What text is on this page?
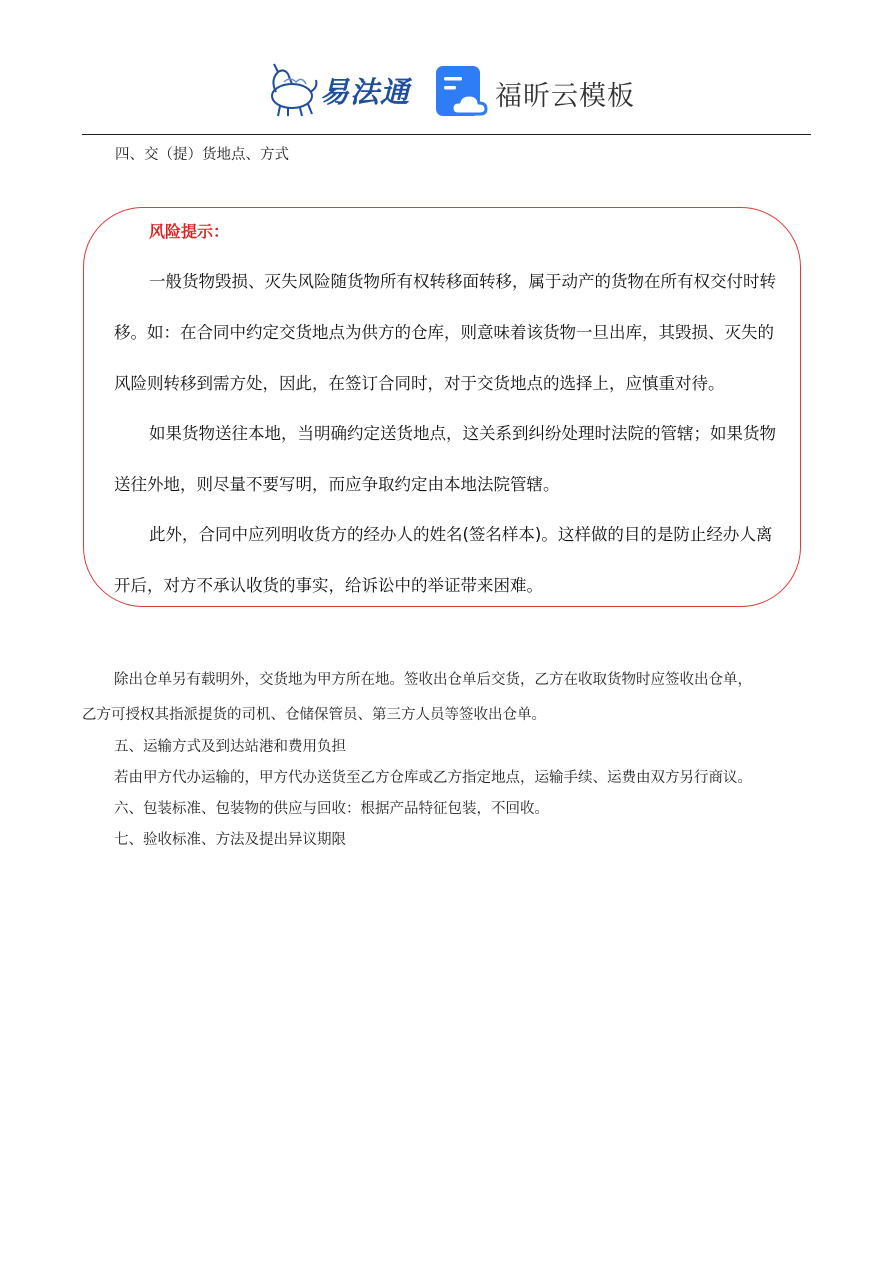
易法通	福昕云模板
四、交（提）货地点、方式
风险提示：
一般货物毁损、灭失风险随货物所有权转移面转移，属于动产的货物在所有权交付时转
移。如：在合同中约定交货地点为供方的仓库，则意味着该货物一旦出库，其毁损、灭失的
风险则转移到需方处，因此，在签订合同时，对于交货地点的选择上，应慎重对待。
如果货物送往本地，当明确约定送货地点，这关系到纠纷处理时法院的管辖；如果货物
送往外地，则尽量不要写明，而应争取约定由本地法院管辖。
此外，合同中应列明收货方的经办人的姓名(签名样本)。这样做的目的是防止经办人离
开后，对方不承认收货的事实，给诉讼中的举证带来困难。
除出仓单另有载明外，交货地为甲方所在地。签收出仓单后交货，乙方在收取货物时应签收出仓单，
乙方可授权其指派提货的司机、仓储保管员、第三方人员等签收出仓单。
五、运输方式及到达站港和费用负担
若由甲方代办运输的，甲方代办送货至乙方仓库或乙方指定地点，运输手续、运费由双方另行商议。
六、包装标准、包装物的供应与回收：根据产品特征包装，不回收。
七、验收标准、方法及提出异议期限
